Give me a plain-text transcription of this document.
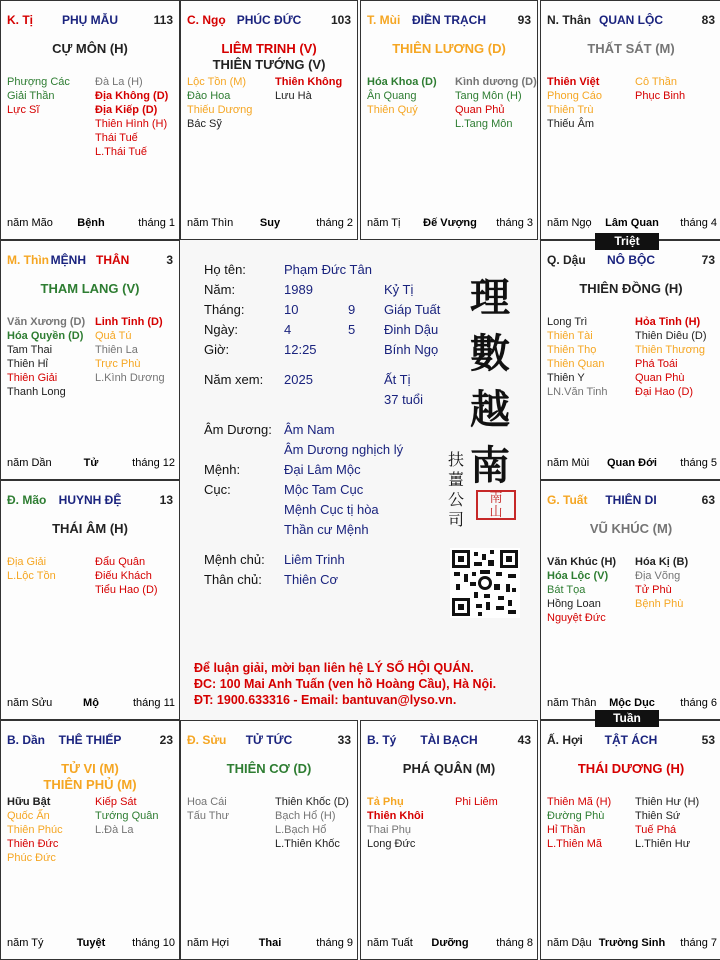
K. Tị	PHỤ MẪU	113
CỰ MÔN (H)
Phượng Các
Giải Thần
Lực Sĩ
Đà La (H)
Địa Không (D)
Địa Kiếp (D)
Thiên Hình (H)
Thái Tuế
L.Thái Tuế
năm Mão	Bệnh	tháng 1
C. Ngọ PHÚC ĐỨC	103
LIÊM TRINH (V)
THIÊN TƯỚNG (V)
Lộc Tồn (M)
Đào Hoa
Thiếu Dương
Bác Sỹ
Thiên Không
Lưu Hà
năm Thìn	Suy	tháng 2
T. Mùi ĐIỀN TRẠCH	93
THIÊN LƯƠNG (D)
Hóa Khoa (D)
Ân Quang
Thiên Quý
Kình dương (D)
Tang Môn (H)
Quan Phủ
L.Tang Môn
năm Tị	Đế Vượng	tháng 3
N. Thân QUAN LỘC	83
THẤT SÁT (M)
Thiên Việt
Phong Cáo
Thiên Trù
Thiếu Âm
Cô Thần
Phục Binh
năm Ngọ	Lâm Quan	tháng 4
M. Thìn MỆNH THÂN	3
THAM LANG (V)
Văn Xương (D)
Hóa Quyền (D)
Tam Thai
Thiên Hỉ
Thiên Giải
Thanh Long
Linh Tinh (D)
Quả Tú
Thiên La
Trực Phù
L.Kình Dương
năm Dần	Tử	tháng 12
Q. Dậu	NÔ BỘC	73
THIÊN ĐỒNG (H)
Long Trì
Thiên Tài
Thiên Thọ
Thiên Quan
Thiên Y
LN.Văn Tinh
Hỏa Tinh (H)
Thiên Diêu (D)
Thiên Thương
Phá Toái
Quan Phù
Đại Hao (D)
năm Mùi	Quan Đới	tháng 5
Đ. Mão	HUYNH ĐỆ	13
THÁI ÂM (H)
Địa Giải
L.Lộc Tồn
Đẩu Quân
Điếu Khách
Tiểu Hao (D)
năm Sửu	Mộ	tháng 11
G. Tuất	THIÊN DI	63
VŨ KHÚC (M)
Văn Khúc (H)
Hóa Lộc (V)
Bát Tọa
Hồng Loan
Nguyệt Đức
Hóa Kị (B)
Địa Võng
Tử Phù
Bệnh Phù
năm Thân	Mộc Dục	tháng 6
B. Dần	THÊ THIẾP	23
TỬ VI (M)
THIÊN PHỦ (M)
Hữu Bật
Quốc Ấn
Thiên Phúc
Thiên Đức
Phúc Đức
Kiếp Sát
Tướng Quân
L.Đà La
năm Tý	Tuyệt	tháng 10
Đ. Sửu	TỬ TỨC	33
THIÊN CƠ (D)
Hoa Cái
Tấu Thư
Thiên Khốc (D)
Bạch Hổ (H)
L.Bạch Hổ
L.Thiên Khốc
năm Hợi	Thai	tháng 9
B. Tý	TÀI BẠCH	43
PHÁ QUÂN (M)
Tả Phụ
Thiên Khôi
Thai Phụ
Long Đức
Phi Liêm
năm Tuất	Dưỡng	tháng 8
Ấ. Hợi	TẬT ÁCH	53
THÁI DƯƠNG (H)
Thiên Mã (H)
Đường Phù
Hỉ Thần
L.Thiên Mã
Thiên Hư (H)
Thiên Sứ
Tuế Phá
L.Thiên Hư
năm Dậu Trường Sinh	tháng 7
Triệt
Tuần
Họ tên:	Phạm Đức Tân
Năm:	1989	Kỷ Tị
Tháng:	10	9 Giáp Tuất
Ngày:	4	5 Đinh Dậu
Giờ:	12:25	Bính Ngọ
Năm xem: 2025	Ất Tị
37 tuổi
Âm Dương: Âm Nam
Âm Dương nghịch lý
Mệnh:	Đại Lâm Mộc
Cục:	Mộc Tam Cục
Mệnh Cục tị hòa
Thần cư Mệnh
Mệnh chủ: Liêm Trinh
Thân chủ: Thiên Cơ
理數越南
扶薑公司
南山
Để luận giải, mời bạn liên hệ LÝ SỐ HỘI QUÁN.
ĐC: 100 Mai Anh Tuấn (ven hồ Hoàng Cầu), Hà Nội.
ĐT: 1900.633316 - Email: bantuvan@lyso.vn.
